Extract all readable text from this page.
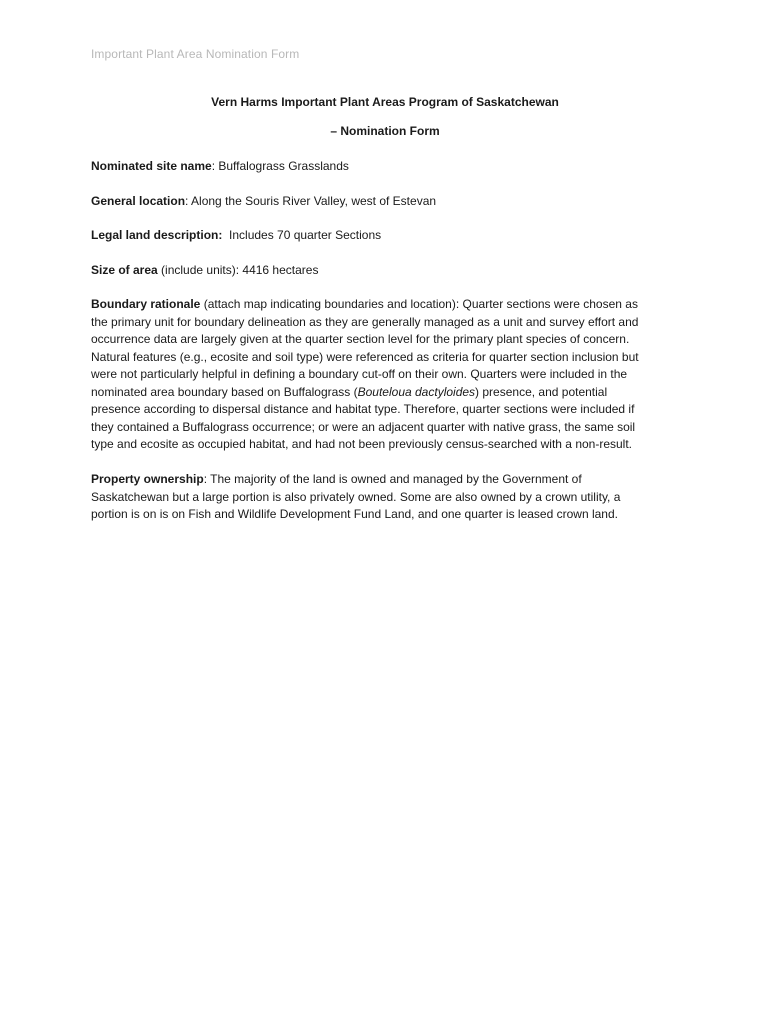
Important Plant Area Nomination Form
Vern Harms Important Plant Areas Program of Saskatchewan
– Nomination Form
Nominated site name: Buffalograss Grasslands
General location: Along the Souris River Valley, west of Estevan
Legal land description:  Includes 70 quarter Sections
Size of area (include units): 4416 hectares
Boundary rationale (attach map indicating boundaries and location): Quarter sections were chosen as
the primary unit for boundary delineation as they are generally managed as a unit and survey effort and
occurrence data are largely given at the quarter section level for the primary plant species of concern.
Natural features (e.g., ecosite and soil type) were referenced as criteria for quarter section inclusion but
were not particularly helpful in defining a boundary cut-off on their own. Quarters were included in the
nominated area boundary based on Buffalograss (Bouteloua dactyloides) presence, and potential
presence according to dispersal distance and habitat type. Therefore, quarter sections were included if
they contained a Buffalograss occurrence; or were an adjacent quarter with native grass, the same soil
type and ecosite as occupied habitat, and had not been previously census-searched with a non-result.
Property ownership: The majority of the land is owned and managed by the Government of
Saskatchewan but a large portion is also privately owned. Some are also owned by a crown utility, a
portion is on is on Fish and Wildlife Development Fund Land, and one quarter is leased crown land.
